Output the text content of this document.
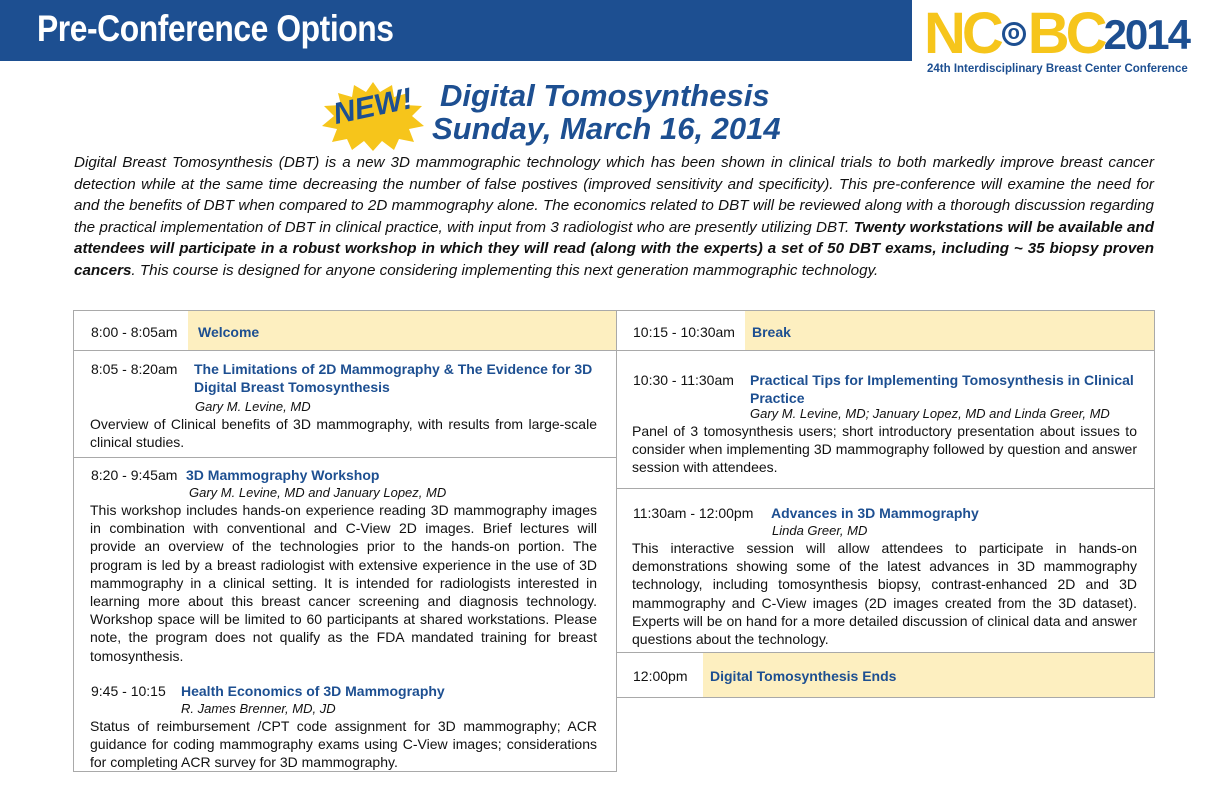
Pre-Conference Options	NC o BC2014
24th Interdisciplinary Breast Center Conference
NEW! Digital Tomosynthesis
Sunday, March 16, 2014
Digital Breast Tomosynthesis (DBT) is a new 3D mammographic technology which has been shown in clinical trials to both markedly improve breast cancer detection while at the same time decreasing the number of false postives (improved sensitivity and specificity). This pre-conference will examine the need for and the benefits of DBT when compared to 2D mammography alone. The economics related to DBT will be reviewed along with a thorough discussion regarding the practical implementation of DBT in clinical practice, with input from 3 radiologist who are presently utilizing DBT. Twenty workstations will be available and attendees will participate in a robust workshop in which they will read (along with the experts) a set of 50 DBT exams, including ~ 35 biopsy proven cancers. This course is designed for anyone considering implementing this next generation mammographic technology.
8:00 - 8:05am Welcome
8:05 - 8:20am The Limitations of 2D Mammography & The Evidence for 3D Digital Breast Tomosynthesis
Gary M. Levine, MD
Overview of Clinical benefits of 3D mammography, with results from large-scale clinical studies.
8:20 - 9:45am 3D Mammography Workshop
Gary M. Levine, MD and January Lopez, MD
This workshop includes hands-on experience reading 3D mammography images in combination with conventional and C-View 2D images. Brief lectures will provide an overview of the technologies prior to the hands-on portion. The program is led by a breast radiologist with extensive experience in the use of 3D mammography in a clinical setting. It is intended for radiologists interested in learning more about this breast cancer screening and diagnosis technology. Workshop space will be limited to 60 participants at shared workstations. Please note, the program does not qualify as the FDA mandated training for breast tomosynthesis.
9:45 - 10:15 Health Economics of 3D Mammography
R. James Brenner, MD, JD
Status of reimbursement /CPT code assignment for 3D mammography; ACR guidance for coding mammography exams using C-View images; considerations for completing ACR survey for 3D mammography.
10:15 - 10:30am Break
10:30 - 11:30am Practical Tips for Implementing Tomosynthesis in Clinical Practice
Gary M. Levine, MD; January Lopez, MD and Linda Greer, MD
Panel of 3 tomosynthesis users; short introductory presentation about issues to consider when implementing 3D mammography followed by question and answer session with attendees.
11:30am - 12:00pm Advances in 3D Mammography
Linda Greer, MD
This interactive session will allow attendees to participate in hands-on demonstrations showing some of the latest advances in 3D mammography technology, including tomosynthesis biopsy, contrast-enhanced 2D and 3D mammography and C-View images (2D images created from the 3D dataset). Experts will be on hand for a more detailed discussion of clinical data and answer questions about the technology.
12:00pm Digital Tomosynthesis Ends
